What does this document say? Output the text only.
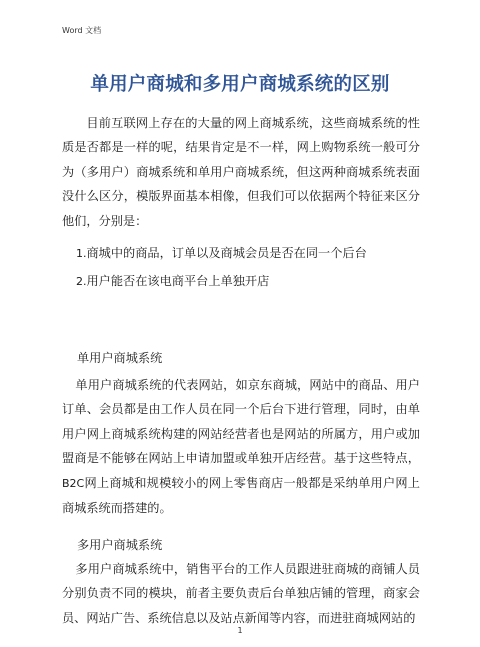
Word 文档
单用户商城和多用户商城系统的区别
目前互联网上存在的大量的网上商城系统，这些商城系统的性质是否都是一样的呢，结果肯定是不一样，网上购物系统一般可分为（多用户）商城系统和单用户商城系统，但这两种商城系统表面没什么区分，模版界面基本相像，但我们可以依据两个特征来区分他们，分别是：
1.商城中的商品，订单以及商城会员是否在同一个后台
2.用户能否在该电商平台上单独开店
单用户商城系统
单用户商城系统的代表网站，如京东商城，网站中的商品、用户订单、会员都是由工作人员在同一个后台下进行管理，同时，由单用户网上商城系统构建的网站经营者也是网站的所属方，用户或加盟商是不能够在网站上申请加盟或单独开店经营。基于这些特点，B2C网上商城和规模较小的网上零售商店一般都是采纳单用户网上商城系统而搭建的。
多用户商城系统
多用户商城系统中，销售平台的工作人员跟进驻商城的商铺人员分别负责不同的模块，前者主要负责后台单独店铺的管理，商家会员、网站广告、系统信息以及站点新闻等内容，而进驻商城网站的
1
